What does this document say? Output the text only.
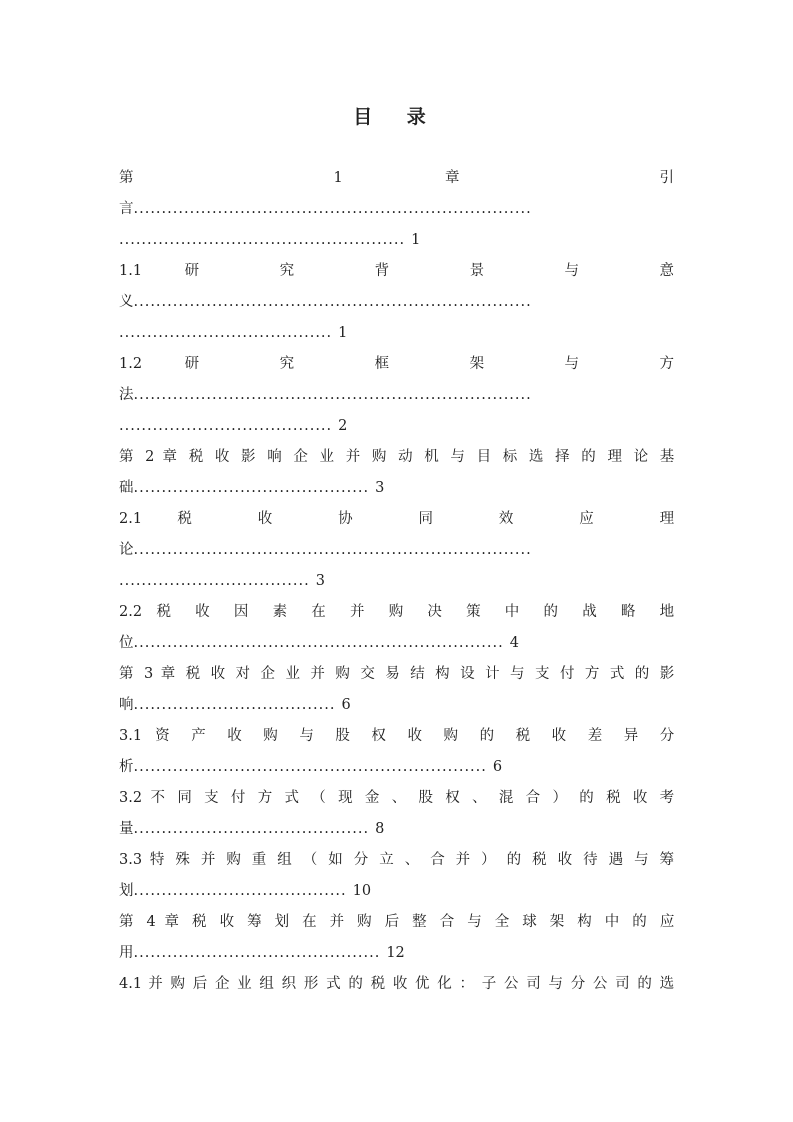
目 录
第	1	章	引
言.......................................................................
................................................... 1
1.1	研	究	背	景	与	意
义.......................................................................
...................................... 1
1.2	研	究	框	架	与	方
法.......................................................................
...................................... 2
第 2 章 税 收 影 响 企 业 并 购 动 机 与 目 标 选 择 的 理 论 基
础.......................................... 3
2.1 税 收 协 同 效 应 理
论.......................................................................
.................................. 3
2.2 税 收 因 素 在 并 购 决 策 中 的 战 略 地
位.................................................................. 4
第 3 章 税 收 对 企 业 并 购 交 易 结 构 设 计 与 支 付 方 式 的 影
响.................................... 6
3.1 资 产 收 购 与 股 权 收 购 的 税 收 差 异 分
析............................................................... 6
3.2 不 同 支 付 方 式 （ 现 金 、 股 权 、 混 合 ） 的 税 收 考
量.......................................... 8
3.3 特 殊 并 购 重 组 （ 如 分 立 、 合 并 ） 的 税 收 待 遇 与 筹
划...................................... 10
第 4 章 税 收 筹 划 在 并 购 后 整 合 与 全 球 架 构 中 的 应
用............................................ 12
4.1 并 购 后 企 业 组 织 形 式 的 税 收 优 化 ： 子 公 司 与 分 公 司 的 选
